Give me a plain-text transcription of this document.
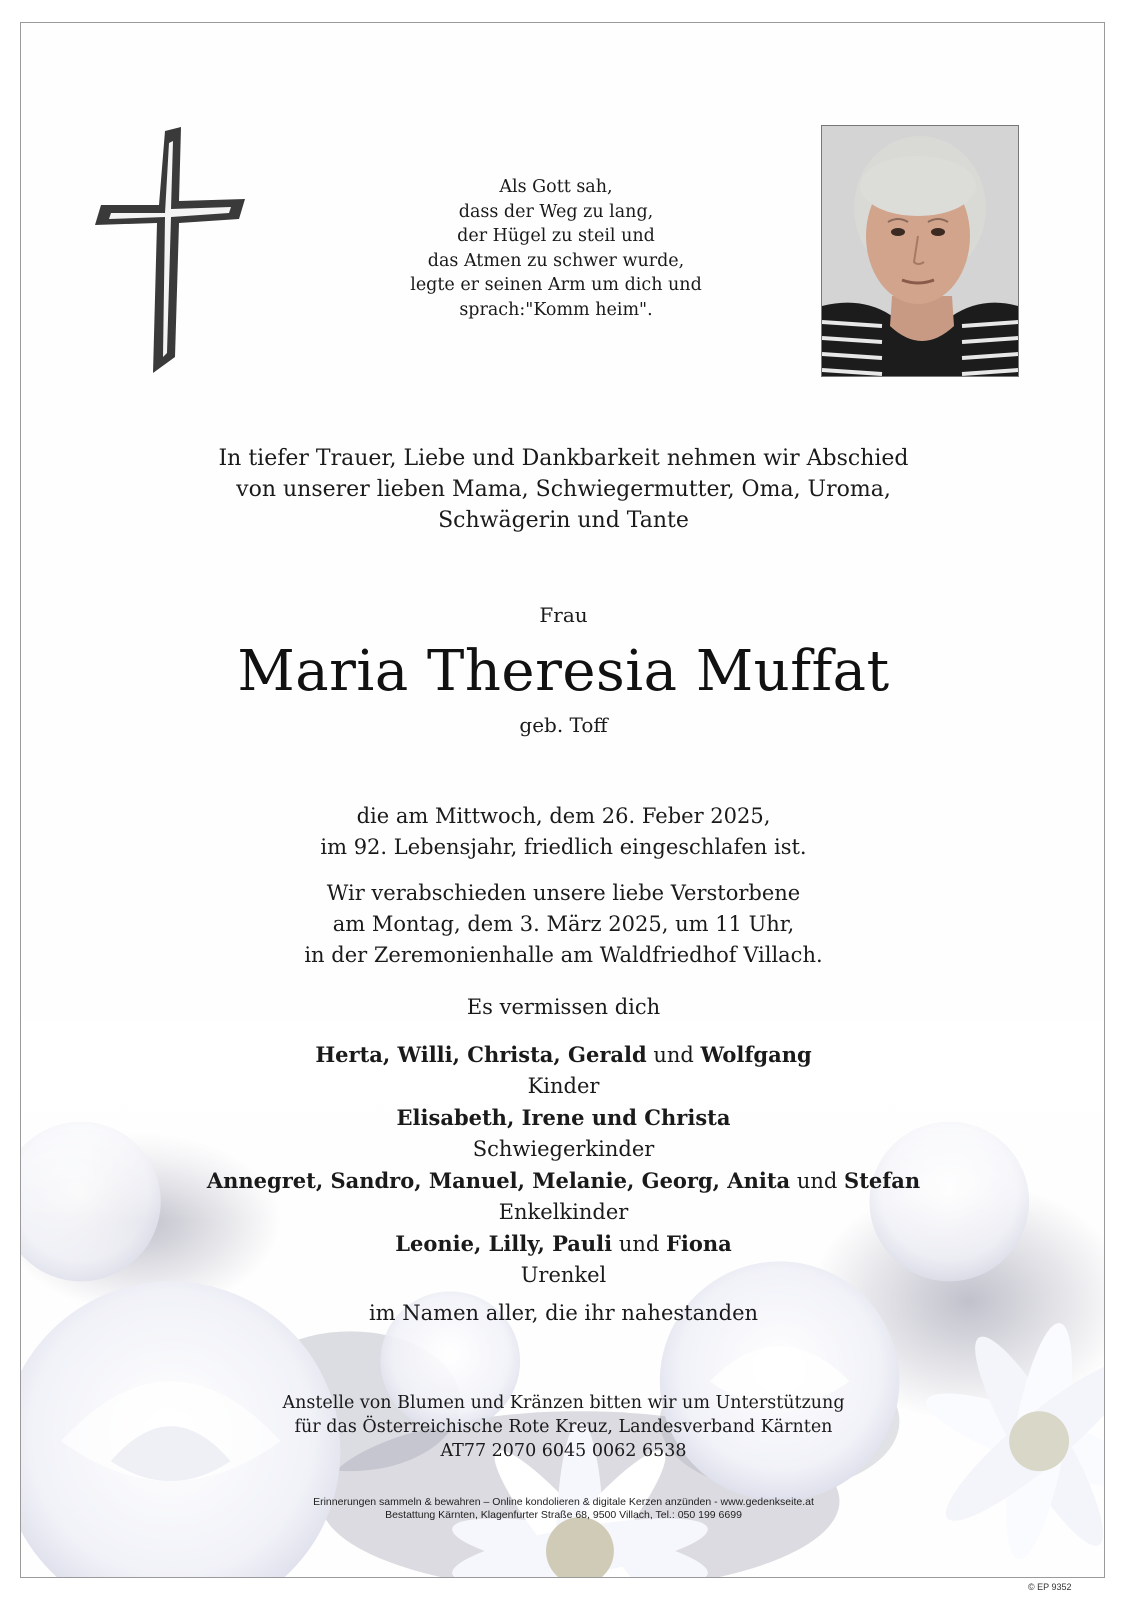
Als Gott sah,
dass der Weg zu lang,
der Hügel zu steil und
das Atmen zu schwer wurde,
legte er seinen Arm um dich und
sprach:"Komm heim".
In tiefer Trauer, Liebe und Dankbarkeit nehmen wir Abschied
von unserer lieben Mama, Schwiegermutter, Oma, Uroma,
Schwägerin und Tante
Frau
Maria Theresia Muffat
geb. Toff
die am Mittwoch, dem 26. Feber 2025,
im 92. Lebensjahr, friedlich eingeschlafen ist.
Wir verabschieden unsere liebe Verstorbene
am Montag, dem 3. März 2025, um 11 Uhr,
in der Zeremonienhalle am Waldfriedhof Villach.
Es vermissen dich
Herta, Willi, Christa, Gerald und Wolfgang
Kinder
Elisabeth, Irene und Christa
Schwiegerkinder
Annegret, Sandro, Manuel, Melanie, Georg, Anita und Stefan
Enkelkinder
Leonie, Lilly, Pauli und Fiona
Urenkel
im Namen aller, die ihr nahestanden
Anstelle von Blumen und Kränzen bitten wir um Unterstützung
für das Österreichische Rote Kreuz, Landesverband Kärnten
AT77 2070 6045 0062 6538
Erinnerungen sammeln & bewahren – Online kondolieren & digitale Kerzen anzünden - www.gedenkseite.at
Bestattung Kärnten, Klagenfurter Straße 68, 9500 Villach, Tel.: 050 199 6699
© EP 9352
